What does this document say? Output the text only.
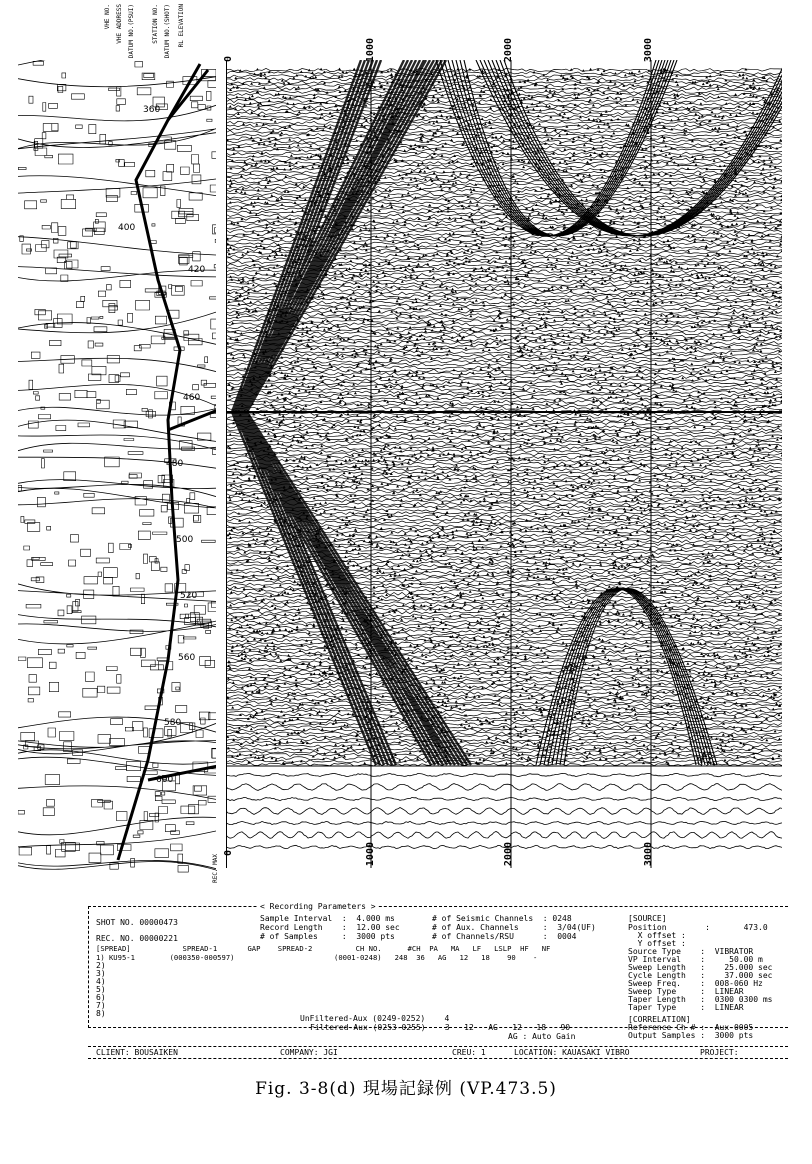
360
400
420
460
480
500
520
560
580
600
VHE NO. VHE ADDRESS DATUM NO.(PSUI)	STATION NO. DATUM NO.(SHOT) RL ELEVATION
REC. MAX
0	1000	2000	3000
0	1000	2000	3000
< Recording Parameters >
SHOT NO. 00000473
REC. NO. 00000221
Sample Interval  :  4.000 ms
Record Length    :  12.00 sec
# of Samples     :  3000 pts
# of Seismic Channels  : 0248
# of Aux. Channels     :  3/04(UF)
# of Channels/RSU      :  0004
[SPREAD]            SPREAD-1       GAP    SPREAD-2          CH NO.      #CH  PA   MA   LF   LSLP  HF   NF
1) KU95-1        (000350-000597)                       (0001-0248)   248  36   AG   12   18    90    -
2)
3)
4)
5)
6)
7)
8)
UnFiltered-Aux (0249-0252)    4
Filtered-Aux (0253-0255)    3   12   AG   12   18   90   -
AG : Auto Gain
[SOURCE]
Position        :       473.0
X offset :
Y offset :
Source Type    :  VIBRATOR
VP Interval    :     50.00 m
Sweep Length   :    25.000 sec
Cycle Length   :    37.000 sec
Sweep Freq.    :  008-060 Hz
Sweep Type     :  LINEAR
Taper Length   :  0300 0300 ms
Taper Type     :  LINEAR
[CORRELATION]
Reference Ch # :  Aux-0005
Output Samples :  3000 pts
CLIENT: BOUSAIKEN	COMPANY: JGI	CREU: 1	LOCATION: KAUASAKI VIBRO	PROJECT:
Fig. 3-8(d) 現場記録例 (VP.473.5)
